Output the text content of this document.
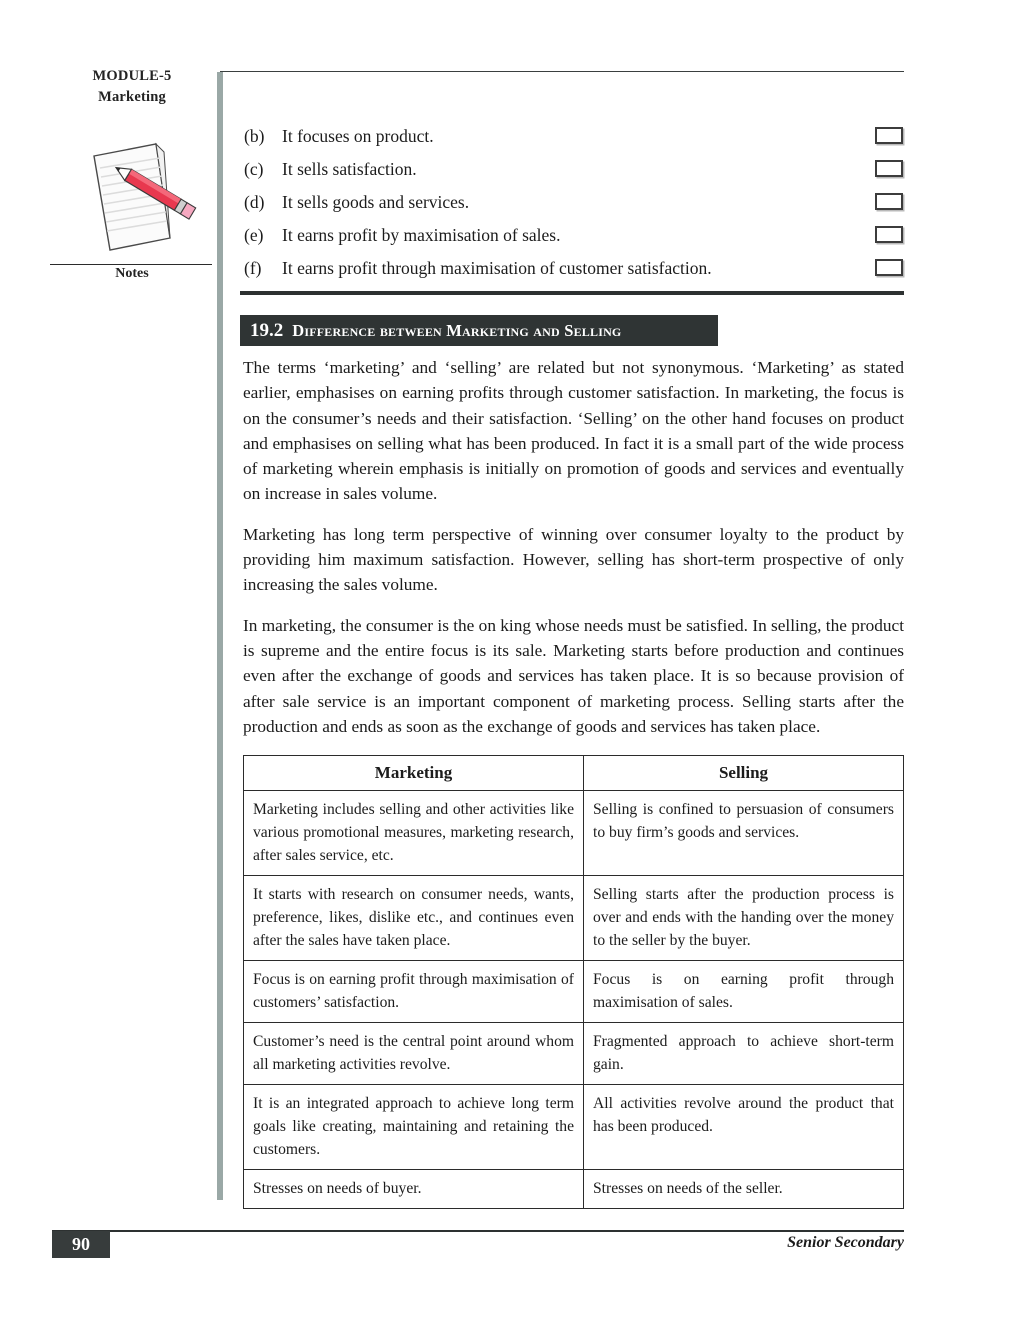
MODULE-5
Marketing
Notes
(b) It focuses on product.
(c) It sells satisfaction.
(d) It sells goods and services.
(e) It earns profit by maximisation of sales.
(f) It earns profit through maximisation of customer satisfaction.
19.2 Difference between Marketing and Selling

The terms ‘marketing’ and ‘selling’ are related but not synonymous. ‘Marketing’ as stated earlier, emphasises on earning profits through customer satisfaction. In marketing, the focus is on the consumer’s needs and their satisfaction. ‘Selling’ on the other hand focuses on product and emphasises on selling what has been produced. In fact it is a small part of the wide process of marketing wherein emphasis is initially on promotion of goods and services and eventually on increase in sales volume.

Marketing has long term perspective of winning over consumer loyalty to the product by providing him maximum satisfaction. However, selling has short-term prospective of only increasing the sales volume.

In marketing, the consumer is the on king whose needs must be satisfied. In selling, the product is supreme and the entire focus is its sale. Marketing starts before production and continues even after the exchange of goods and services has taken place. It is so because provision of after sale service is an important component of marketing process. Selling starts after the production and ends as soon as the exchange of goods and services has taken place.

Marketing	Selling
Marketing includes selling and other activities like various promotional measures, marketing research, after sales service, etc.	Selling is confined to persuasion of consumers to buy firm’s goods and services.
It starts with research on consumer needs, wants, preference, likes, dislike etc., and continues even after the sales have taken place.	Selling starts after the production process is over and ends with the handing over the money to the seller by the buyer.
Focus is on earning profit through maximisation of customers’ satisfaction.	Focus is on earning profit through maximisation of sales.
Customer’s need is the central point around whom all marketing activities revolve.	Fragmented approach to achieve short-term gain.
It is an integrated approach to achieve long term goals like creating, maintaining and retaining the customers.	All activities revolve around the product that has been produced.
Stresses on needs of buyer.	Stresses on needs of the seller.
90	Senior Secondary
